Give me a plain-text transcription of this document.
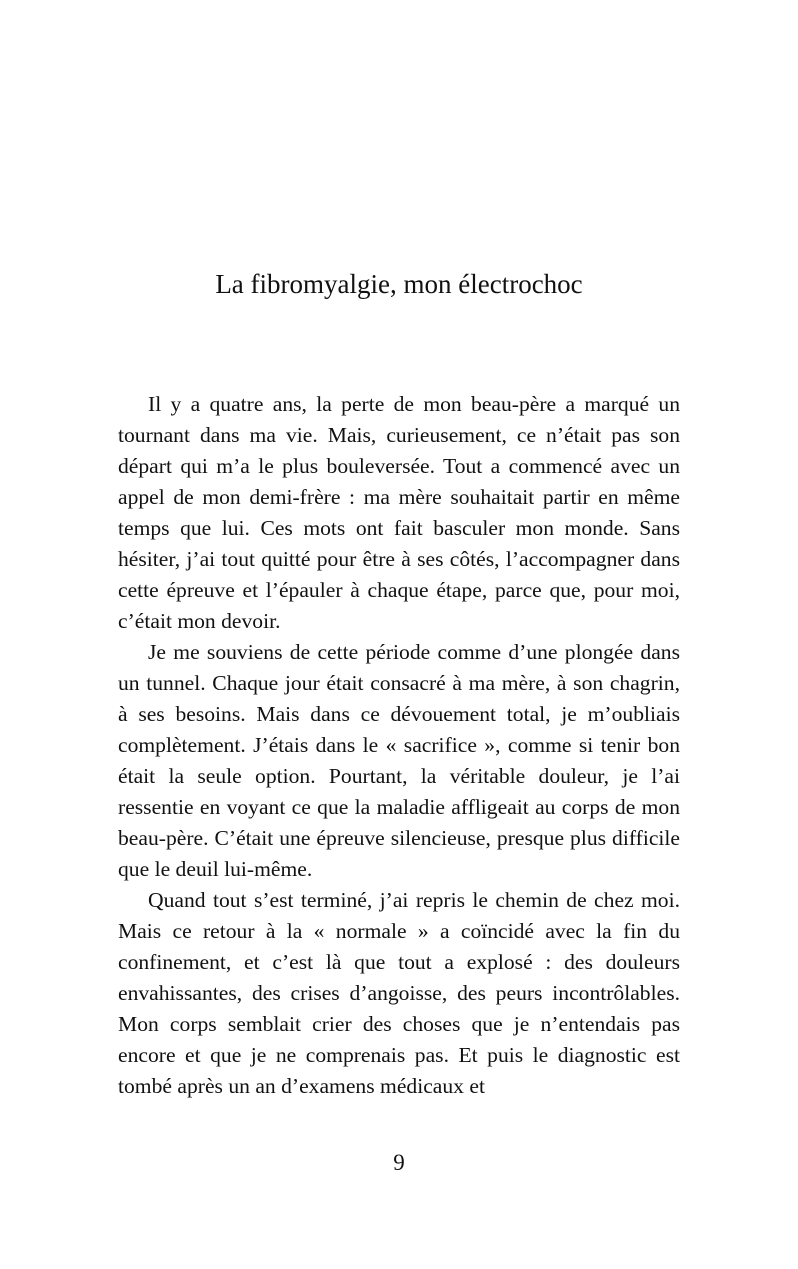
La fibromyalgie, mon électrochoc

Il y a quatre ans, la perte de mon beau-père a marqué un tournant dans ma vie. Mais, curieusement, ce n’était pas son départ qui m’a le plus bouleversée. Tout a commencé avec un appel de mon demi-frère : ma mère souhaitait partir en même temps que lui. Ces mots ont fait basculer mon monde. Sans hésiter, j’ai tout quitté pour être à ses côtés, l’accompagner dans cette épreuve et l’épauler à chaque étape, parce que, pour moi, c’était mon devoir.

Je me souviens de cette période comme d’une plongée dans un tunnel. Chaque jour était consacré à ma mère, à son chagrin, à ses besoins. Mais dans ce dévouement total, je m’oubliais complètement. J’étais dans le « sacrifice », comme si tenir bon était la seule option. Pourtant, la véritable douleur, je l’ai ressentie en voyant ce que la maladie affligeait au corps de mon beau-père. C’était une épreuve silencieuse, presque plus difficile que le deuil lui-même.

Quand tout s’est terminé, j’ai repris le chemin de chez moi. Mais ce retour à la « normale » a coïncidé avec la fin du confinement, et c’est là que tout a explosé : des douleurs envahissantes, des crises d’angoisse, des peurs incontrôlables. Mon corps semblait crier des choses que je n’entendais pas encore et que je ne comprenais pas. Et puis le diagnostic est tombé après un an d’examens médicaux et

9
